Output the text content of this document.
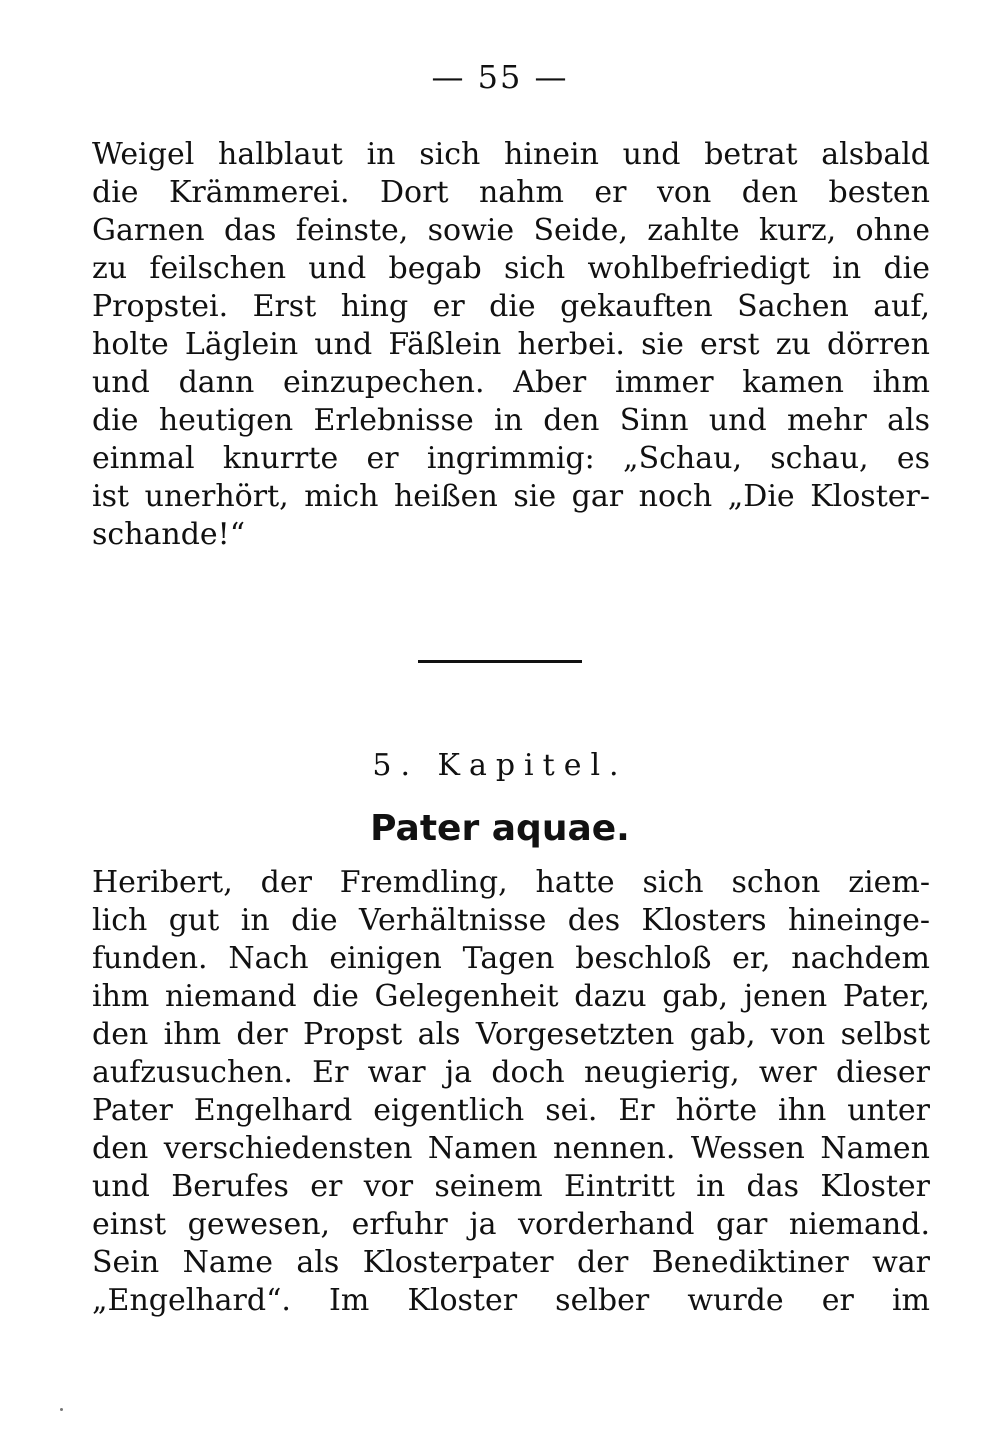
— 55 —
Weigel halblaut in sich hinein und betrat alsbald
die Krämmerei. Dort nahm er von den besten
Garnen das feinste, sowie Seide, zahlte kurz, ohne
zu feilschen und begab sich wohlbefriedigt in die
Propstei. Erst hing er die gekauften Sachen auf,
holte Läglein und Fäßlein herbei. sie erst zu dörren
und dann einzupechen. Aber immer kamen ihm
die heutigen Erlebnisse in den Sinn und mehr als
einmal knurrte er ingrimmig: „Schau, schau, es
ist unerhört, mich heißen sie gar noch „Die Kloster-
schande!“
5. Kapitel.
Pater aquae.
Heribert, der Fremdling, hatte sich schon ziem-
lich gut in die Verhältnisse des Klosters hineinge-
funden. Nach einigen Tagen beschloß er, nachdem
ihm niemand die Gelegenheit dazu gab, jenen Pater,
den ihm der Propst als Vorgesetzten gab, von selbst
aufzusuchen. Er war ja doch neugierig, wer dieser
Pater Engelhard eigentlich sei. Er hörte ihn unter
den verschiedensten Namen nennen. Wessen Namen
und Berufes er vor seinem Eintritt in das Kloster
einst gewesen, erfuhr ja vorderhand gar niemand.
Sein Name als Klosterpater der Benediktiner war
„Engelhard“. Im Kloster selber wurde er im
